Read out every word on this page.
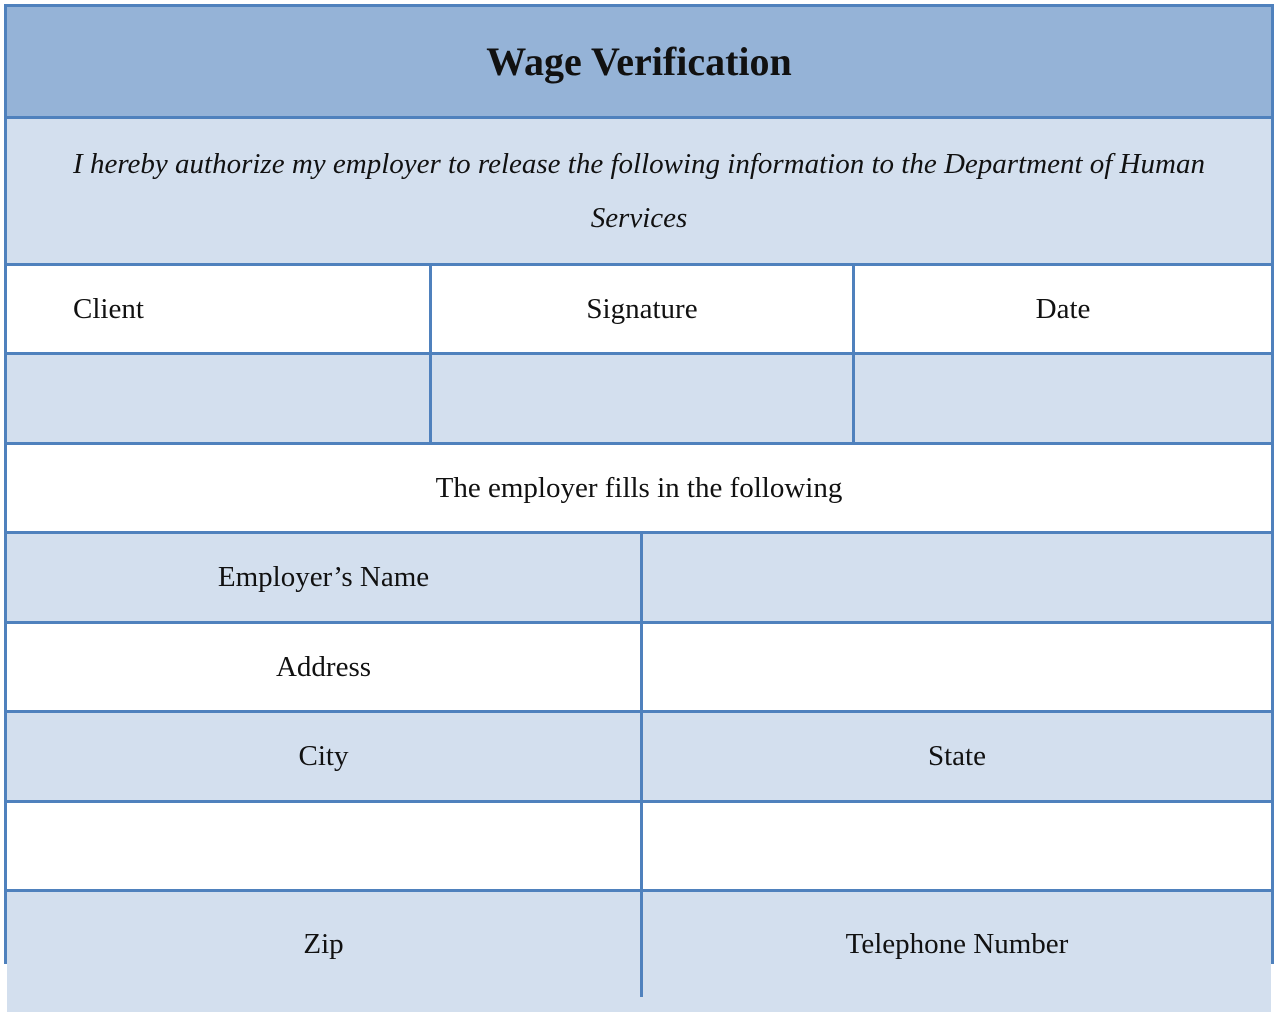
Wage Verification
I hereby authorize my employer to release the following information to the Department of Human Services
Client	Signature	Date
The employer fills in the following
Employer’s Name
Address
City	State
Zip	Telephone Number
